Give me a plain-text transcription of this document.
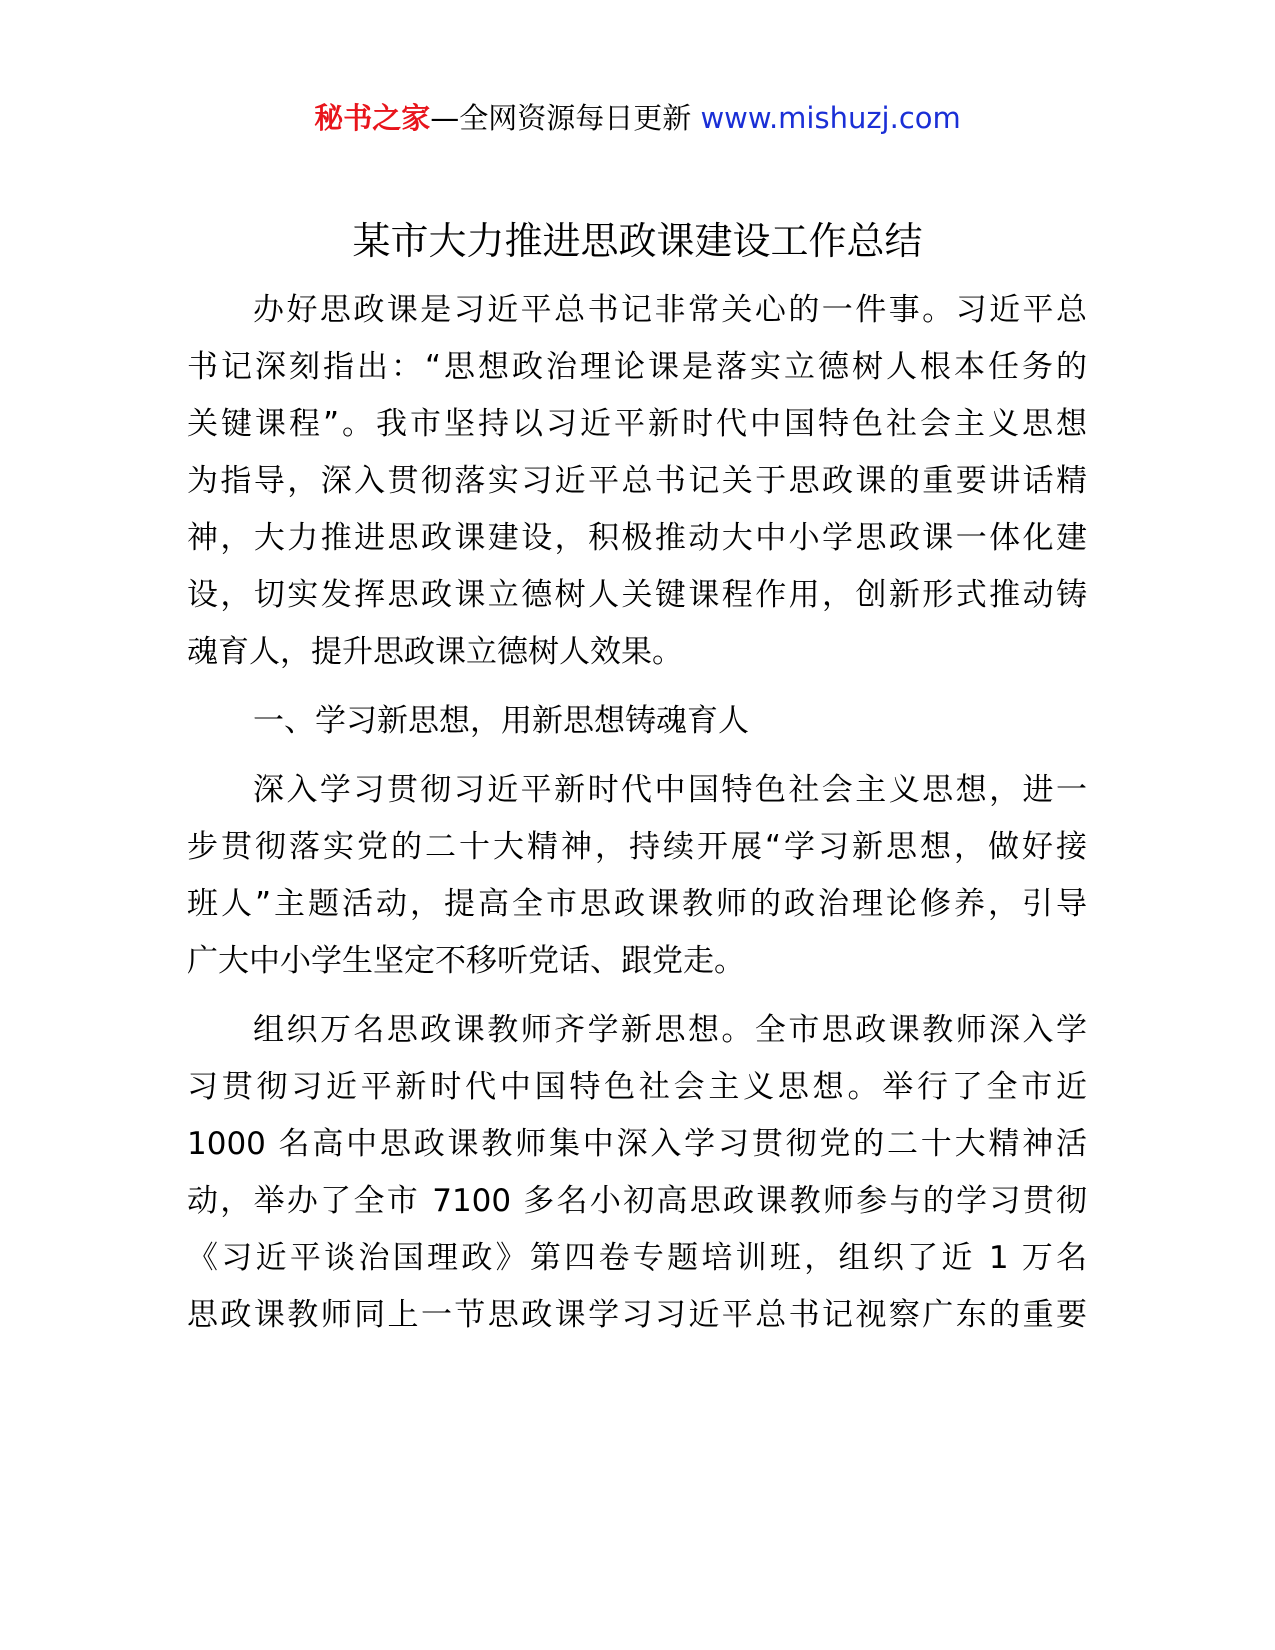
秘书之家—全网资源每日更新 www.mishuzj.com
某市大力推进思政课建设工作总结
办好思政课是习近平总书记非常关心的一件事。习近平总
书记深刻指出：“思想政治理论课是落实立德树人根本任务的
关键课程”。我市坚持以习近平新时代中国特色社会主义思想
为指导，深入贯彻落实习近平总书记关于思政课的重要讲话精
神，大力推进思政课建设，积极推动大中小学思政课一体化建
设，切实发挥思政课立德树人关键课程作用，创新形式推动铸
魂育人，提升思政课立德树人效果。
一、学习新思想，用新思想铸魂育人
深入学习贯彻习近平新时代中国特色社会主义思想，进一
步贯彻落实党的二十大精神，持续开展“学习新思想，做好接
班人”主题活动，提高全市思政课教师的政治理论修养，引导
广大中小学生坚定不移听党话、跟党走。
组织万名思政课教师齐学新思想。全市思政课教师深入学
习贯彻习近平新时代中国特色社会主义思想。举行了全市近
1000 名高中思政课教师集中深入学习贯彻党的二十大精神活
动，举办了全市 7100 多名小初高思政课教师参与的学习贯彻
《习近平谈治国理政》第四卷专题培训班，组织了近 1 万名
思政课教师同上一节思政课学习习近平总书记视察广东的重要
